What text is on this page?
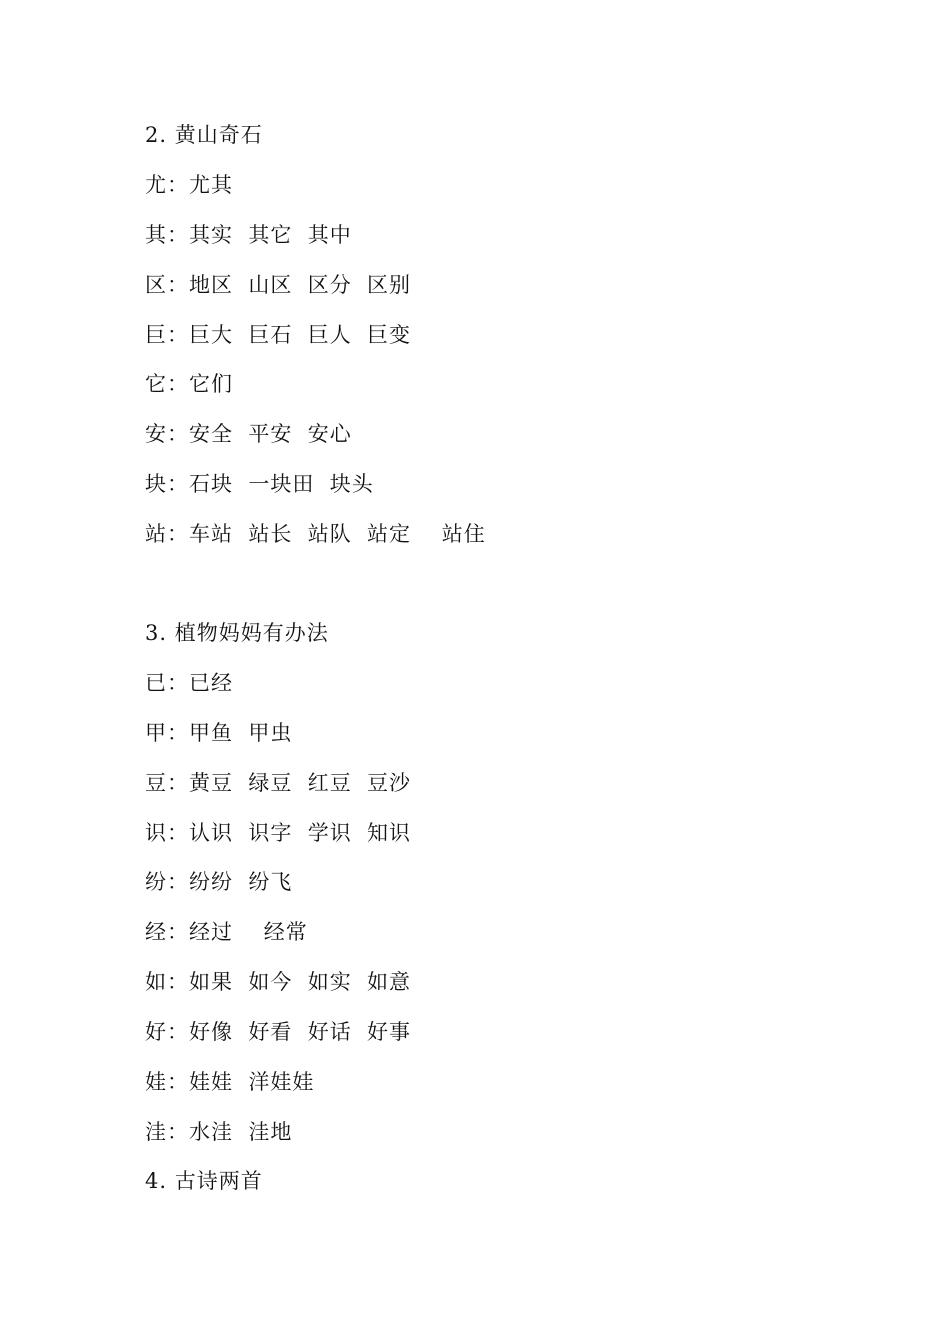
2. 黄山奇石
尤：尤其
其：其实  其它  其中
区：地区  山区  区分  区别
巨：巨大  巨石  巨人  巨变
它：它们
安：安全  平安  安心
块：石块  一块田  块头
站：车站  站长  站队  站定    站住
3. 植物妈妈有办法
已：已经
甲：甲鱼  甲虫
豆：黄豆  绿豆  红豆  豆沙
识：认识  识字  学识  知识
纷：纷纷  纷飞
经：经过    经常
如：如果  如今  如实  如意
好：好像  好看  好话  好事
娃：娃娃  洋娃娃
洼：水洼  洼地
4. 古诗两首
